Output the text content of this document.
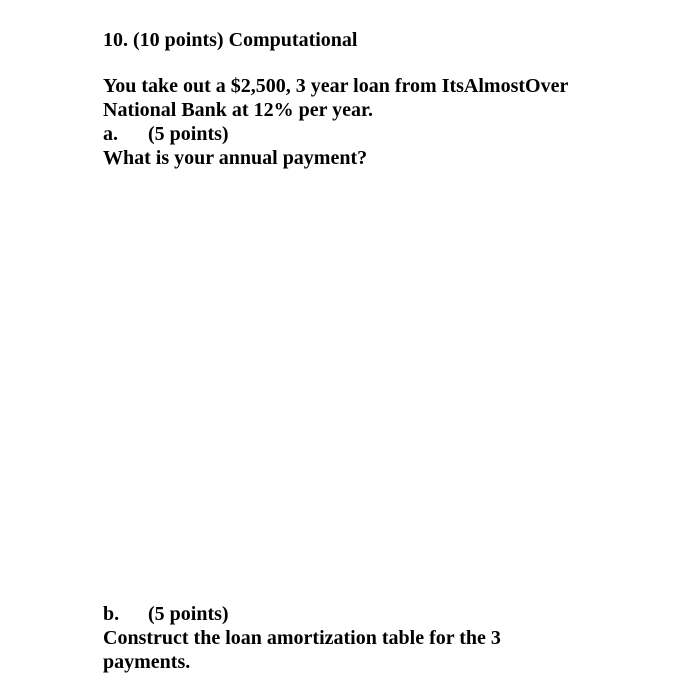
10. (10 points) Computational
You take out a $2,500, 3 year loan from ItsAlmostOver
National Bank at 12% per year.
a. (5 points)
What is your annual payment?
b. (5 points)
Construct the loan amortization table for the 3
payments.
